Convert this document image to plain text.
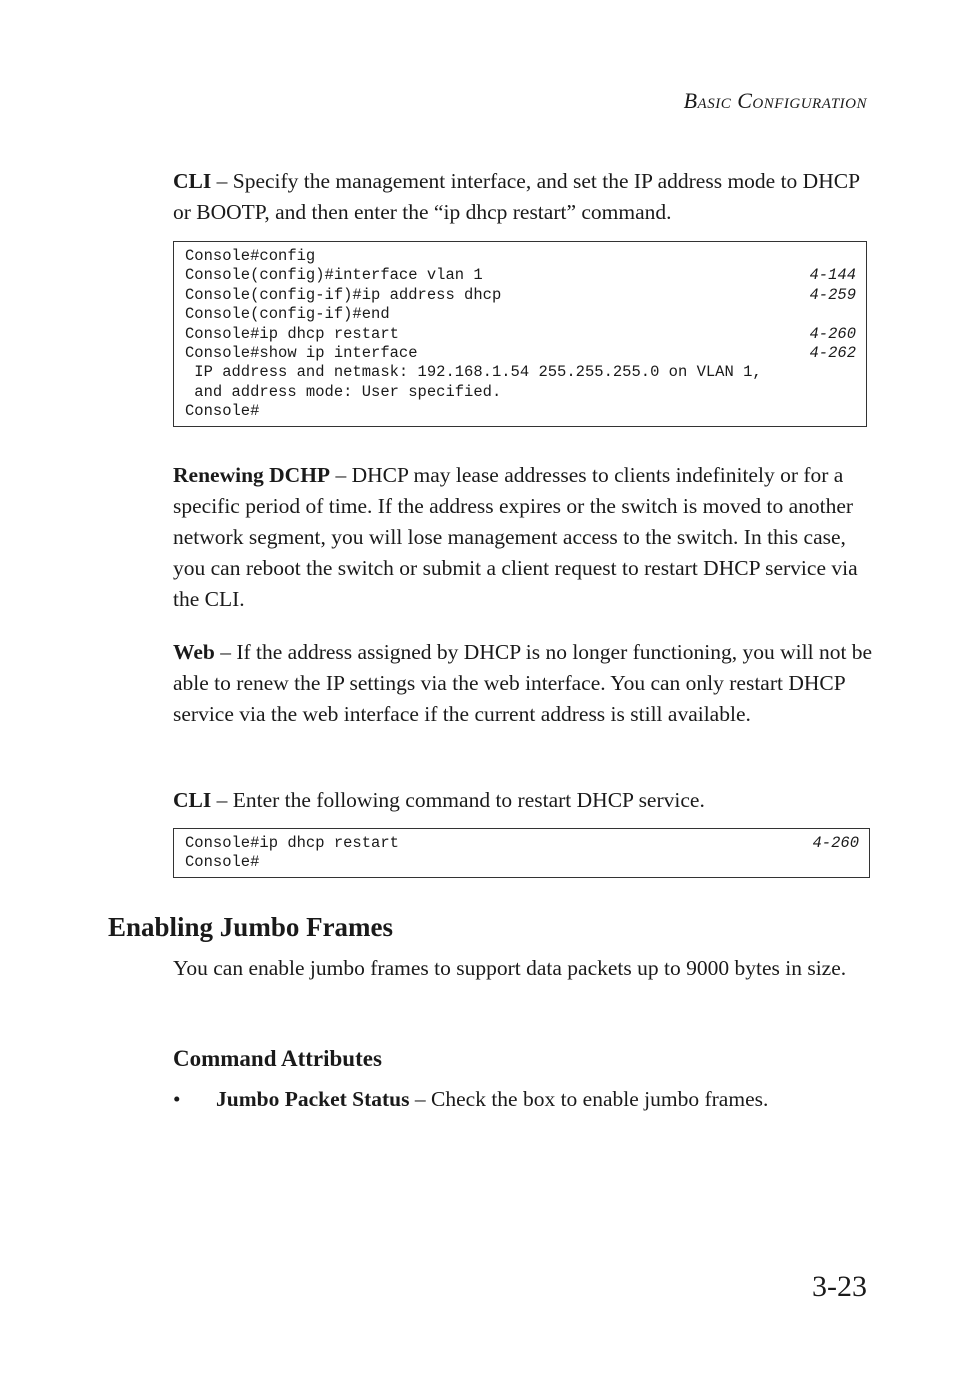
Basic Configuration

CLI – Specify the management interface, and set the IP address mode to DHCP or BOOTP, and then enter the “ip dhcp restart” command.

Console#config
Console(config)#interface vlan 1	4-144
Console(config-if)#ip address dhcp	4-259
Console(config-if)#end
Console#ip dhcp restart	4-260
Console#show ip interface	4-262
IP address and netmask: 192.168.1.54 255.255.255.0 on VLAN 1,
and address mode: User specified.
Console#

Renewing DCHP – DHCP may lease addresses to clients indefinitely or for a specific period of time. If the address expires or the switch is moved to another network segment, you will lose management access to the switch. In this case, you can reboot the switch or submit a client request to restart DHCP service via the CLI.

Web – If the address assigned by DHCP is no longer functioning, you will not be able to renew the IP settings via the web interface. You can only restart DHCP service via the web interface if the current address is still available.

CLI – Enter the following command to restart DHCP service.

Console#ip dhcp restart	4-260
Console#
Enabling Jumbo Frames

You can enable jumbo frames to support data packets up to 9000 bytes in size.

Command Attributes
• Jumbo Packet Status – Check the box to enable jumbo frames.
3-23
